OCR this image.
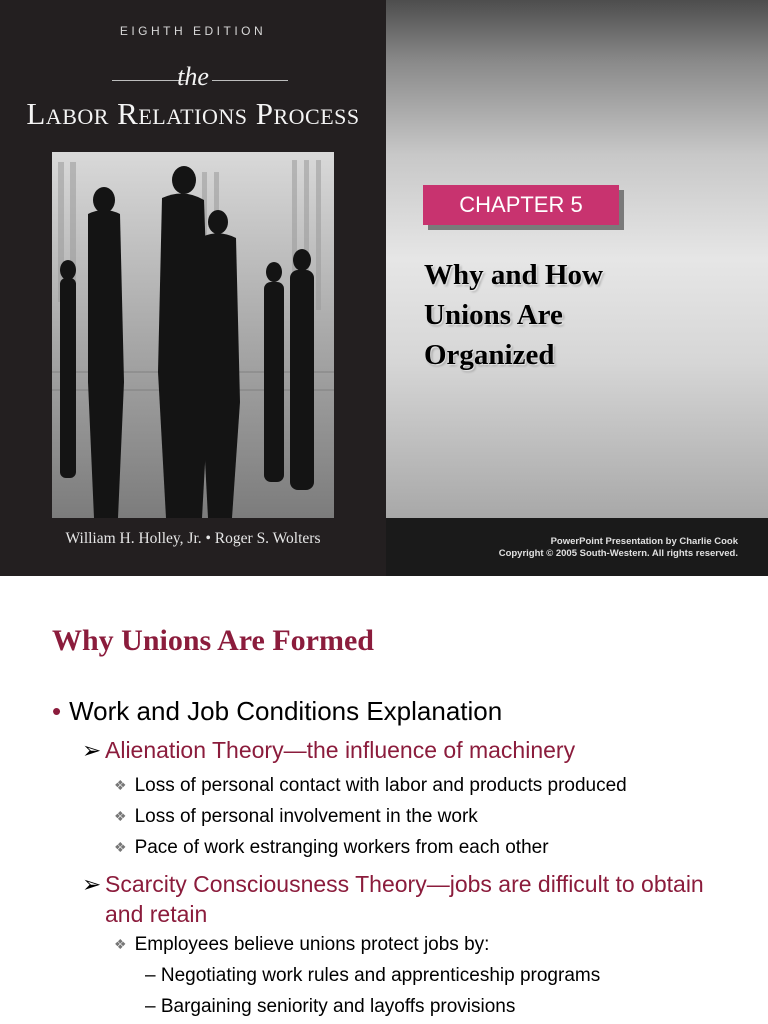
EIGHTH EDITION
the
Labor Relations Process
William H. Holley, Jr. • Roger S. Wolters
CHAPTER 5
Why and How
Unions Are
Organized
PowerPoint Presentation by Charlie Cook
Copyright © 2005 South-Western. All rights reserved.
Why Unions Are Formed
• Work and Job Conditions Explanation
➢ Alienation Theory—the influence of machinery
❖ Loss of personal contact with labor and products produced
❖ Loss of personal involvement in the work
❖ Pace of work estranging workers from each other
➢ Scarcity Consciousness Theory—jobs are difficult to obtain and retain
❖ Employees believe unions protect jobs by:
– Negotiating work rules and apprenticeship programs
– Bargaining seniority and layoffs provisions
